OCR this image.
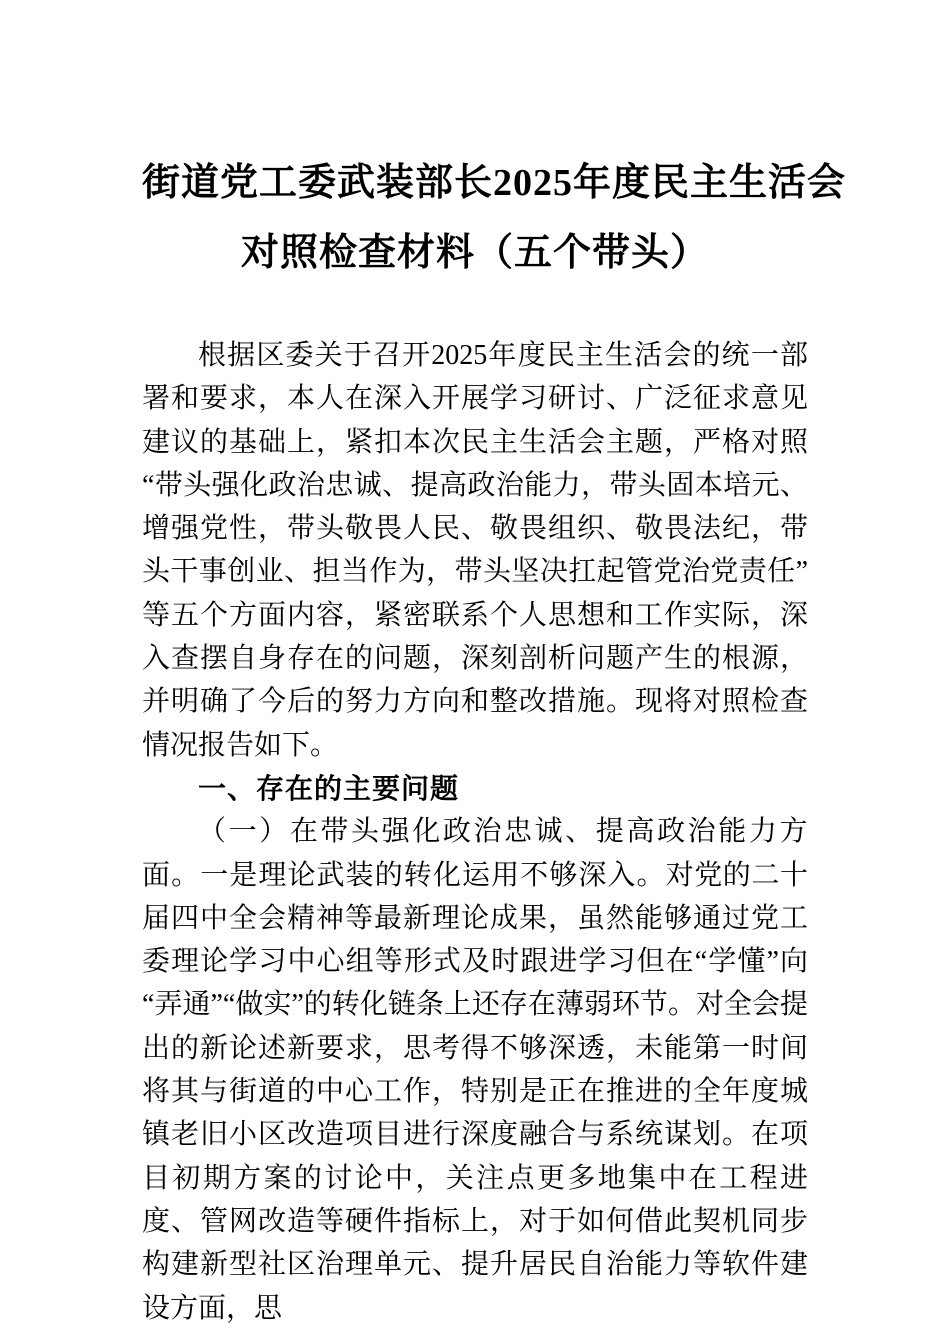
街道党工委武装部长2025年度民主生活会
对照检查材料（五个带头）

根据区委关于召开2025年度民主生活会的统一部署和要求，本人在深入开展学习研讨、广泛征求意见建议的基础上，紧扣本次民主生活会主题，严格对照“带头强化政治忠诚、提高政治能力，带头固本培元、增强党性，带头敬畏人民、敬畏组织、敬畏法纪，带头干事创业、担当作为，带头坚决扛起管党治党责任”等五个方面内容，紧密联系个人思想和工作实际，深入查摆自身存在的问题，深刻剖析问题产生的根源，并明确了今后的努力方向和整改措施。现将对照检查情况报告如下。

一、存在的主要问题

（一）在带头强化政治忠诚、提高政治能力方面。一是理论武装的转化运用不够深入。对党的二十届四中全会精神等最新理论成果，虽然能够通过党工委理论学习中心组等形式及时跟进学习但在“学懂”向“弄通”“做实”的转化链条上还存在薄弱环节。对全会提出的新论述新要求，思考得不够深透，未能第一时间将其与街道的中心工作，特别是正在推进的全年度城镇老旧小区改造项目进行深度融合与系统谋划。在项目初期方案的讨论中，关注点更多地集中在工程进度、管网改造等硬件指标上，对于如何借此契机同步构建新型社区治理单元、提升居民自治能力等软件建设方面，思
